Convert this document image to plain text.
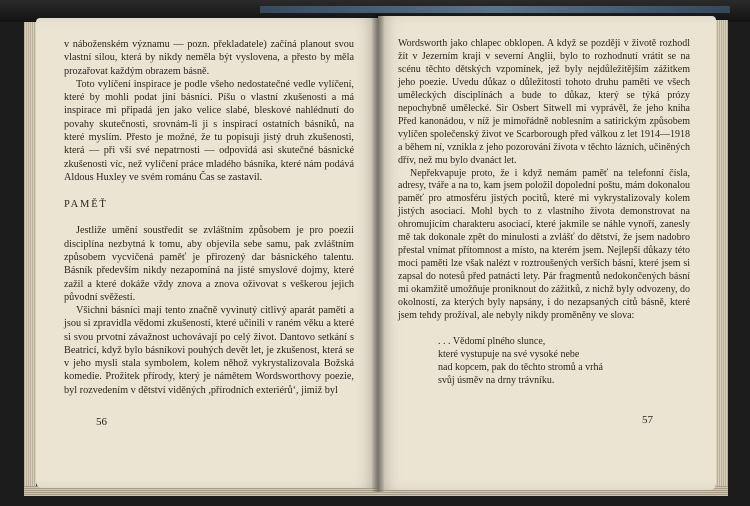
v náboženském významu — pozn. překladatele) začíná planout svou vlastní silou, která by nikdy neměla být vyslovena, a přesto by měla prozařovat každým obrazem básně.

Toto vylíčení inspirace je podle všeho nedostatečné vedle vylíčení, které by mohli podat jiní básníci. Píšu o vlastní zkušenosti a má inspirace mi připadá jen jako velice slabé, bleskové nahlédnutí do povahy skutečnosti, srovnám-li ji s inspirací ostatních básníků, na které myslím. Přesto je možné, že tu popisuji jistý druh zkušenosti, která — při vší své nepatrnosti — odpovídá asi skutečné básnické zkušenosti víc, než vylíčení práce mladého básníka, které nám podává Aldous Huxley ve svém románu Čas se zastavil.

PAMĚŤ

Jestliže umění soustředit se zvláštním způsobem je pro poezii disciplína nezbytná k tomu, aby objevila sebe samu, pak zvláštním způsobem vycvičená paměť je přirozený dar básnického talentu. Básník především nikdy nezapomíná na jisté smyslové dojmy, které zažil a které dokáže vždy znova a znova oživovat s veškerou jejich původní svěžestí.

Všichni básníci mají tento značně vyvinutý citlivý aparát paměti a jsou si zpravidla vědomi zkušeností, které učinili v raném věku a které si svou prvotní závažnost uchovávají po celý život. Dantovo setkání s Beatricí, když bylo básníkovi pouhých devět let, je zkušenost, která se v jeho mysli stala symbolem, kolem něhož vykrystalizovala Božská komedie. Prožitek přírody, který je námětem Wordsworthovy poezie, byl rozvedením v dětství viděných ,přírodních exteriérů‘, jimiž byl

56

Wordsworth jako chlapec obklopen. A když se později v životě rozhodl žít v Jezerním kraji v severní Anglii, bylo to rozhodnutí vrátit se na scénu těchto dětských vzpomínek, jež byly nejdůležitějším zážitkem jeho poezie. Uvedu důkaz o důležitosti tohoto druhu paměti ve všech uměleckých disciplínách a bude to důkaz, který se týká prózy nepochybně umělecké. Sir Osbert Sitwell mi vyprávěl, že jeho kniha Před kanonádou, v níž je mimořádně noblesním a satirickým způsobem vylíčen společenský život ve Scarborough před válkou z let 1914—1918 a během ní, vznikla z jeho pozorování života v těchto lázních, učiněných dřív, než mu bylo dvanáct let.

Nepřekvapuje proto, že i když nemám paměť na telefonní čísla, adresy, tváře a na to, kam jsem položil dopolední poštu, mám dokonalou paměť pro atmosféru jistých pocitů, které mi vykrystalizovaly kolem jistých asociací. Mohl bych to z vlastního života demonstrovat na ohromujícím charakteru asociací, které jakmile se náhle vynoří, zanesly mě tak dokonale zpět do minulosti a zvlášť do dětství, že jsem nadobro přestal vnímat přítomnost a místo, na kterém jsem. Nejlepší důkazy této moci paměti lze však nalézt v roztroušených verších básní, které jsem si zapsal do notesů před patnácti lety. Pár fragmentů nedokončených básní mi okamžitě umožňuje proniknout do zážitků, z nichž byly odvozeny, do okolností, za kterých byly napsány, i do nezapsaných citů básně, které jsem tehdy prožíval, ale nebyly nikdy proměněny ve slova:

. . . Vědomí plného slunce,
které vystupuje na své vysoké nebe
nad kopcem, pak do těchto stromů a vrhá
svůj úsměv na drny trávníku.
57
